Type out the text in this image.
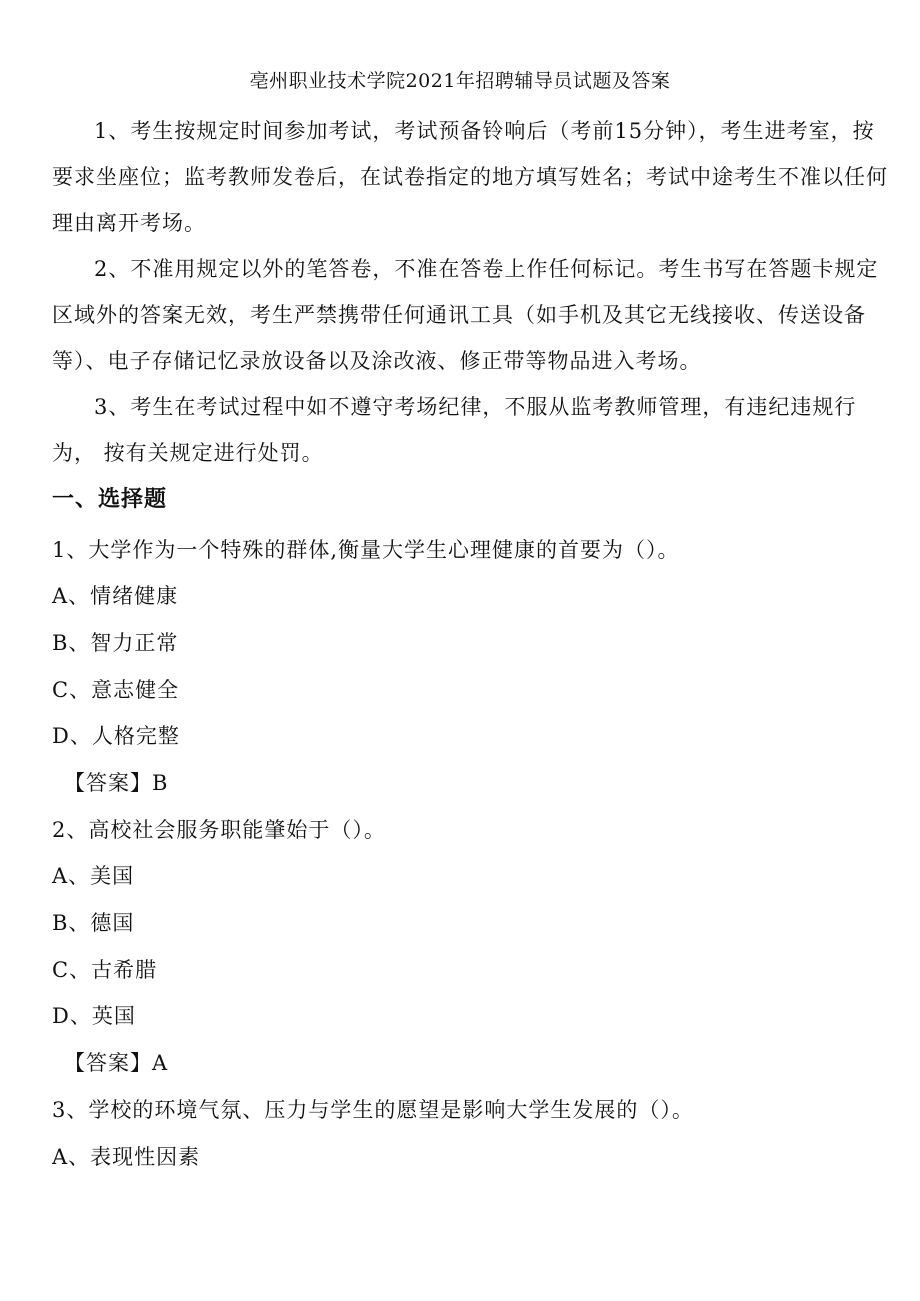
亳州职业技术学院2021年招聘辅导员试题及答案

1、考生按规定时间参加考试，考试预备铃响后（考前15分钟），考生进考室，按 要求坐座位；监考教师发卷后，在试卷指定的地方填写姓名；考试中途考生不准以任何 理由离开考场。

2、不准用规定以外的笔答卷，不准在答卷上作任何标记。考生书写在答题卡规定　 区域外的答案无效，考生严禁携带任何通讯工具（如手机及其它无线接收、传送设备 等）、电子存储记忆录放设备以及涂改液、修正带等物品进入考场。

3、考生在考试过程中如不遵守考场纪律，不服从监考教师管理，有违纪违规行为， 按有关规定进行处罚。

一、选择题
1、大学作为一个特殊的群体,衡量大学生心理健康的首要为（）。
A、情绪健康
B、智力正常
C、意志健全
D、人格完整
【答案】B
2、高校社会服务职能肇始于（）。
A、美国
B、德国
C、古希腊
D、英国
【答案】A
3、学校的环境气氛、压力与学生的愿望是影响大学生发展的（）。
A、表现性因素
